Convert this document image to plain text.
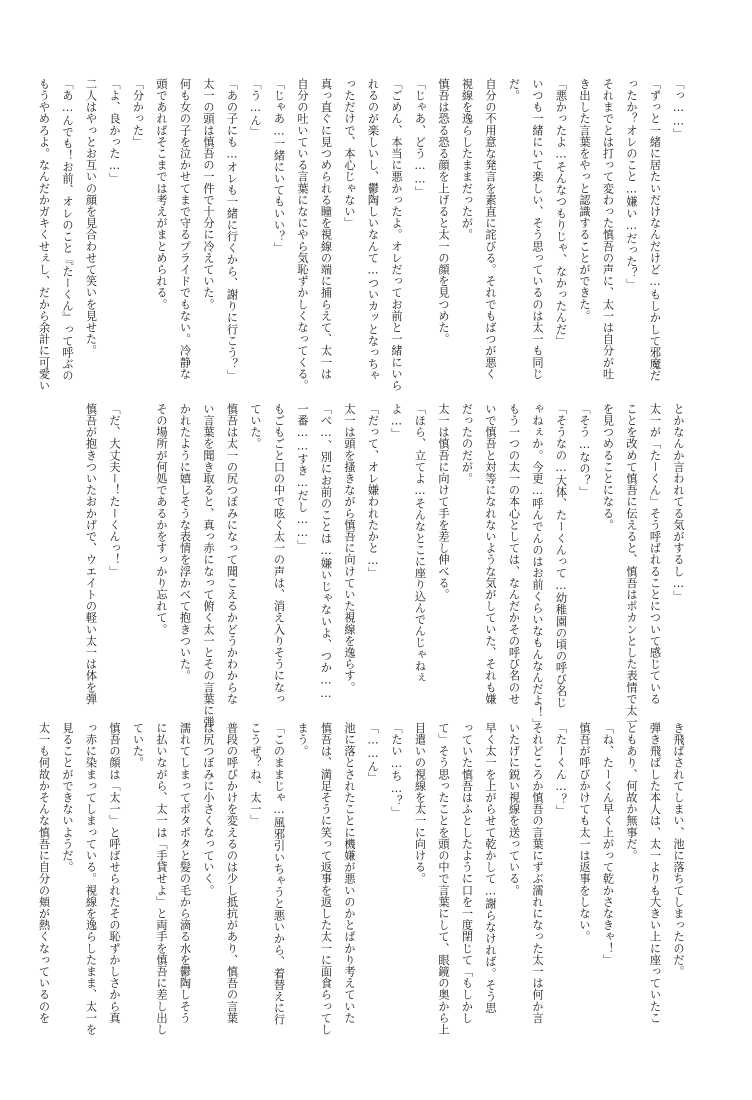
「っ……」
「ずっと一緒に居たいだけなんだけど…もしかして邪魔だ
ったか？オレのこと…嫌い…だった？」
それまでとは打って変わった慎吾の声に、太一は自分が吐
き出した言葉をやっと認識することができた。
「悪かったよ…そんなつもりじゃ、なかったんだ」
いつも一緒にいて楽しい、そう思っているのは太一も同じ
だ。
自分の不用意な発言を素直に詫びる。それでもばつが悪く
視線を逸らしたままだったが。
慎吾は恐る恐る顔を上げると太一の顔を見つめた。
「じゃあ、どう……」
「ごめん、本当に悪かったよ。オレだってお前と一緒にいら
れるのが楽しいし、鬱陶しいなんて…ついカッとなっちゃ
っただけで、本心じゃない」
真っ直ぐに見つめられる瞳を視線の端に捕らえて、太一は
自分の吐いている言葉になにやら気恥ずかしくなってくる。
「じゃあ…一緒にいてもいい？」
「う…ん」
「あの子にも…オレも一緒に行くから、謝りに行こう？」
太一の頭は慎吾の一件で十分に冷えていた。
何も女の子を泣かせてまで守るプライドでもない。冷静な
頭であればそこまでは考えがまとめられる。
「分かった」
「よ、良かった…」
二人はやっとお互いの顔を見合わせて笑いを見せた。
「あ…んでも！お前、オレのこと『たーくん』って呼ぶの
もうやめろよ。なんだかガキくせぇし、だから余計に可愛い
とかなんか言われてる気がするし…」
太一が「たーくん」そう呼ばれることについて感じている
ことを改めて慎吾に伝えると、慎吾はポカンとした表情で太一
を見つめることになる。
「そう…なの？」
「そうなの…大体、たーくんって…幼稚園の頃の呼び名じ
ゃねぇか。今更…呼んでんのはお前くらいなもんなんだよ！」
もう一つの太一の本心としては、なんだかその呼び名のせ
いで慎吾と対等になれないような気がしていた、それも嫌
だったのだが。
太一は慎吾に向けて手を差し伸べる。
「ほら、立てよ…そんなとこに座り込んでんじゃねぇ
よ…」
「だって、オレ嫌われたかと…」
太一は頭を搔きながら慎吾に向けていた視線を逸らす。
「べ…、別にお前のことは…嫌いじゃないよ、つか……
一番……すき…だし……」
もごもごと口の中で呟く太一の声は、消え入りそうになっ
ていた。
慎吾は太一の尻つぼみになって聞こえるかどうかわからな
い言葉を聞き取ると、真っ赤になって俯く太一とその言葉に弾
かれたように嬉しそうな表情を浮かべて抱きついた。
その場所が何処であるかをすっかり忘れて。

「だ、大丈夫ー！たーくんっ！」
慎吾が抱きついたおかげで、ウエイトの軽い太一は体を弾
き飛ばされてしまい、池に落ちてしまったのだ。
弾き飛ばした本人は、太一よりも大きい上に座っていたこ
ともあり、何故か無事だ。
「ね、たーくん早く上がって乾かさなきゃ！」
慎吾が呼びかけても太一は返事をしない。
「たーくん…？」
それどころか慎吾の言葉にずぶ濡れになった太一は何か言
いたげに鋭い視線を送っている。
早く太一を上がらせて乾かして…謝らなければ。そう思
っていた慎吾はふとしたように口を一度閉じて「もしかし
て」そう思ったことを頭の中で言葉にして、眼鏡の奥から上
目遣いの視線を太一に向ける。
「たい…ち…？」
「……ん」
池に落とされたことに機嫌が悪いのかとばかり考えていた
慎吾は、満足そうに笑って返事を返した太一に面食らってし
まう。
「このままじゃ…風邪引いちゃうと悪いから、着替えに行
こうぜ？ね、太一」
普段の呼びかけを変えるのは少し抵抗があり、慎吾の言葉
は尻つぼみに小さくなっていく。
濡れてしまってポタポタと髪の毛から滴る水を鬱陶しそう
に払いながら、太一は「手貸せよ」と両手を慎吾に差し出し
ていた。
慎吾の顔は「太一」と呼ばせられたその恥ずかしさから真
っ赤に染まってしまっている。視線を逸らしたまま、太一を
見ることができないようだ。
太一も何故かそんな慎吾に自分の頬が熱くなっているのを
